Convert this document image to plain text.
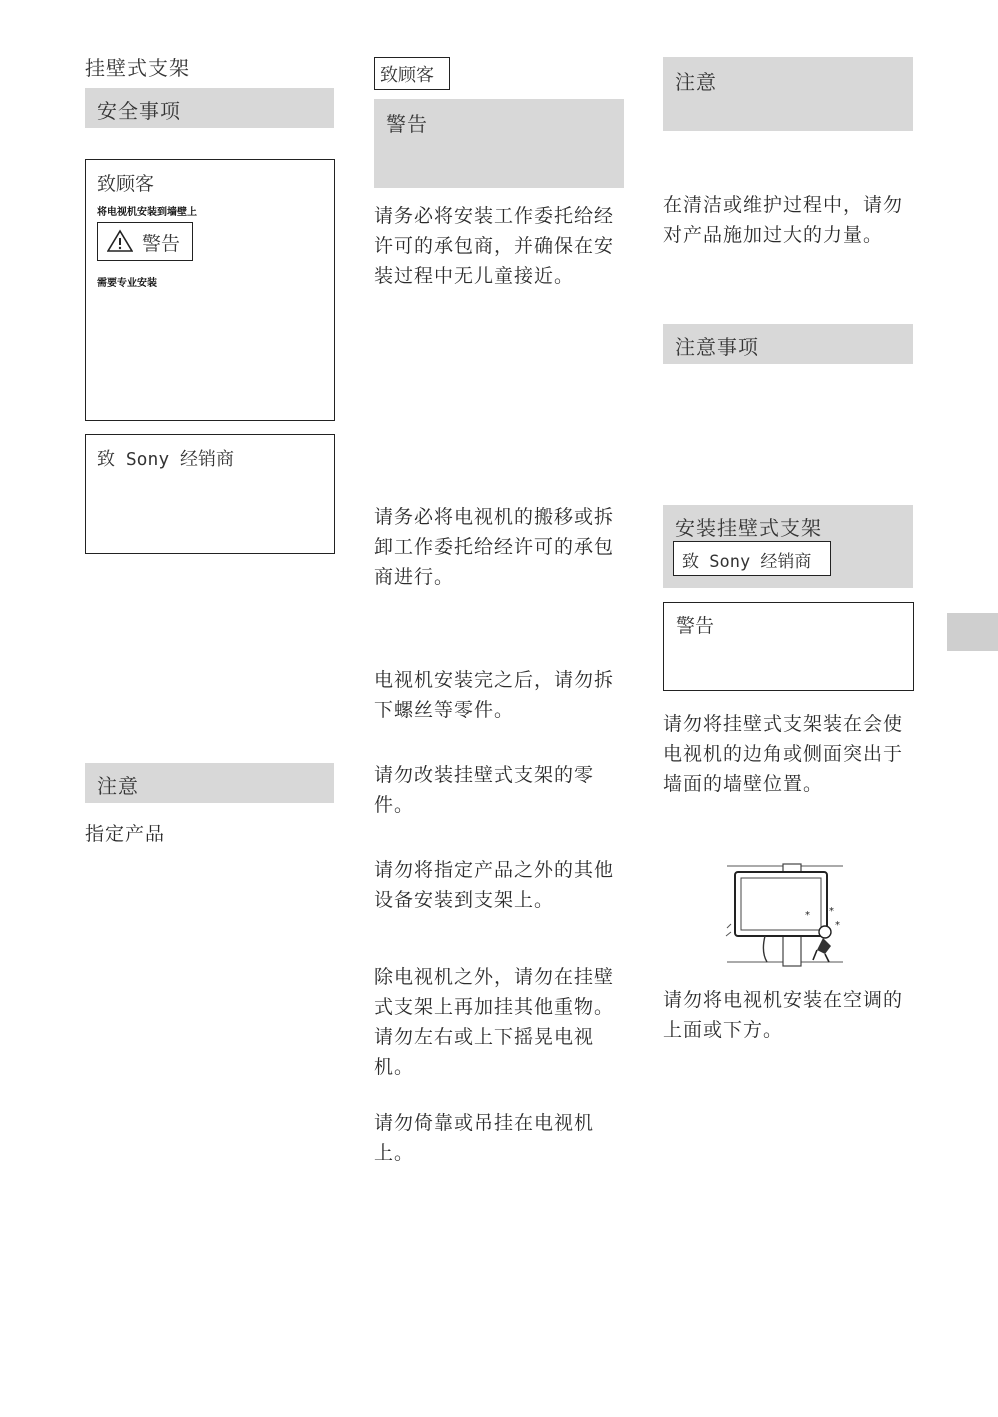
挂壁式支架
安全事项
致顾客
将电视机安装到墙壁上
警告
需要专业安装
致 Sony 经销商
注意
指定产品
致顾客
警告

请务必将安装工作委托给经许可的承包商，并确保在安装过程中无儿童接近。

请务必将电视机的搬移或拆卸工作委托给经许可的承包商进行。

电视机安装完之后，请勿拆下螺丝等零件。

请勿改装挂壁式支架的零件。

请勿将指定产品之外的其他设备安装到支架上。

除电视机之外，请勿在挂壁式支架上再加挂其他重物。请勿左右或上下摇晃电视机。

请勿倚靠或吊挂在电视机上。

注意

在清洁或维护过程中，请勿对产品施加过大的力量。

注意事项
安装挂壁式支架
致 Sony 经销商
警告

请勿将挂壁式支架装在会使电视机的边角或侧面突出于墙面的墙壁位置。

*
*
*

请勿将电视机安装在空调的上面或下方。
